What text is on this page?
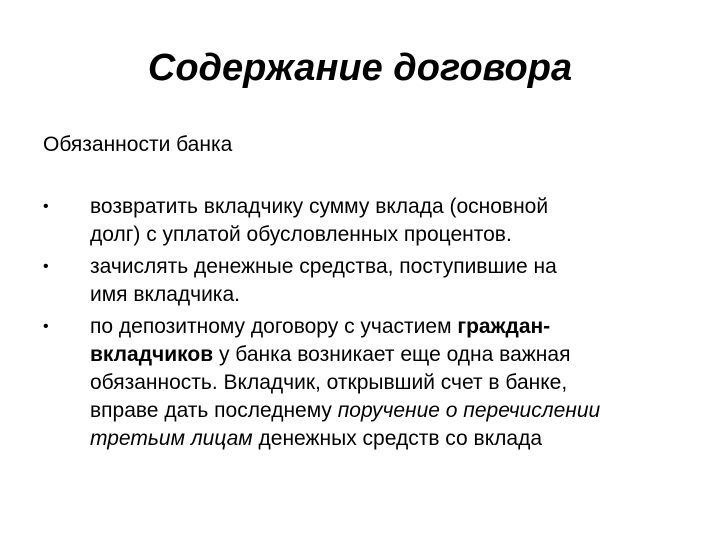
Содержание договора
Обязанности банка
•	возвратить вкладчику сумму вклада (основной
долг) с уплатой обусловленных процентов.
•	зачислять денежные средства, поступившие на
имя вкладчика.
•	по депозитному договору с участием граждан-
вкладчиков у банка возникает еще одна важная
обязанность. Вкладчик, открывший счет в банке,
вправе дать последнему поручение о перечислении
третьим лицам денежных средств со вклада
